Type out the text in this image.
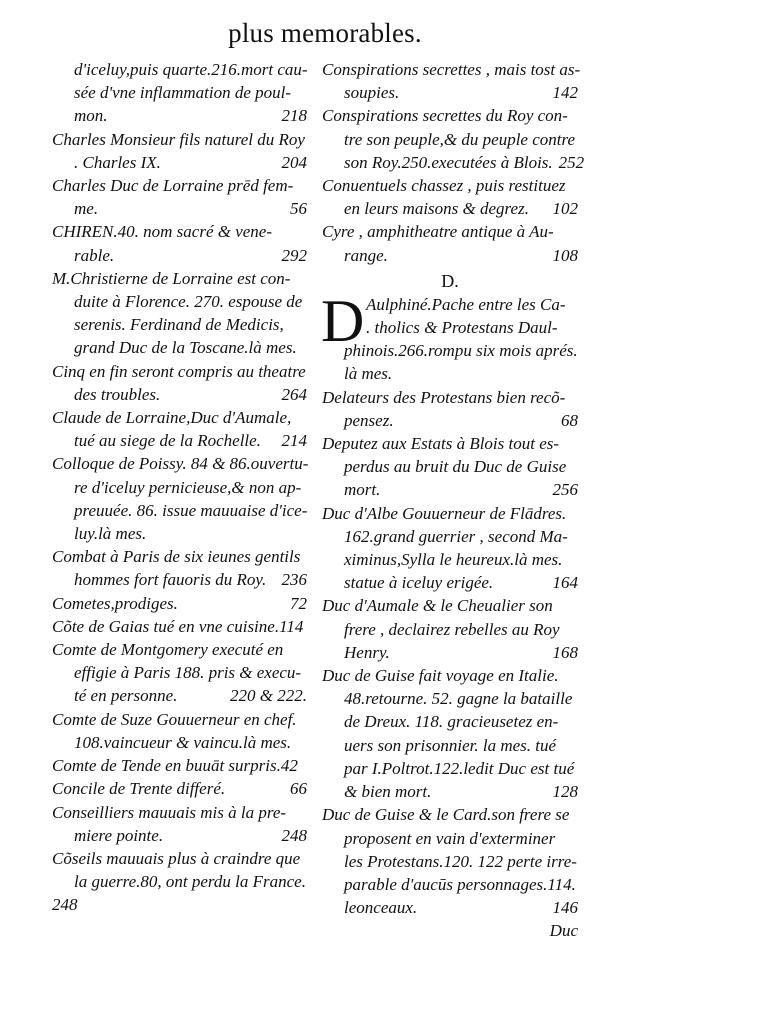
plus memorables.
d'iceluy,puis quarte.216.mort cau-
sée d'vne inflammation de poul-
mon.	218
Charles Monsieur fils naturel du Roy
. Charles IX.	204
Charles Duc de Lorraine prēd fem-
me.	56
CHIREN.40. nom sacré & vene-
rable.	292
M.Christierne de Lorraine est con-
duite à Florence. 270. espouse de
serenis. Ferdinand de Medicis,
grand Duc de la Toscane.là mes.
Cinq en fin seront compris au theatre
des troubles.	264
Claude de Lorraine,Duc d'Aumale,
tué au siege de la Rochelle.	214
Colloque de Poissy. 84 & 86.ouvertu-
re d'iceluy pernicieuse,& non ap-
preuuée. 86. issue mauuaise d'ice-
luy.là mes.
Combat à Paris de six ieunes gentils
hommes fort fauoris du Roy. 236
Cometes,prodiges.	72
Cõte de Gaias tué en vne cuisine.114
Comte de Montgomery executé en
effigie à Paris 188. pris & execu-
té en personne.	220 & 222.
Comte de Suze Gouuerneur en chef.
108.vaincueur & vaincu.là mes.
Comte de Tende en buuāt surpris.42
Concile de Trente differé.	66
Conseilliers mauuais mis à la pre-
miere pointe.	248
Cõseils mauuais plus à craindre que
la guerre.80, ont perdu la France.
248
Conspirations secrettes , mais tost as-
soupies.	142
Conspirations secrettes du Roy con-
tre son peuple,& du peuple contre
son Roy.250.executées à Blois. 252
Conuentuels chassez , puis restituez
en leurs maisons & degrez.	102
Cyre , amphitheatre antique à Au-
range.	108
D.
D Aulphiné.Pache entre les Ca-
. tholics & Protestans Daul-
phinois.266.rompu six mois aprés.
là mes.
Delateurs des Protestans bien recõ-
pensez.	68
Deputez aux Estats à Blois tout es-
perdus au bruit du Duc de Guise
mort.	256
Duc d'Albe Gouuerneur de Flādres.
162.grand guerrier , second Ma-
ximinus,Sylla le heureux.là mes.
statue à iceluy erigée.	164
Duc d'Aumale & le Cheualier son
frere , declairez rebelles au Roy
Henry.	168
Duc de Guise fait voyage en Italie.
48.retourne. 52. gagne la bataille
de Dreux. 118. gracieusetez en-
uers son prisonnier. la mes. tué
par I.Poltrot.122.ledit Duc est tué
& bien mort.	128
Duc de Guise & le Card.son frere se
proposent en vain d'exterminer
les Protestans.120. 122 perte irre-
parable d'aucūs personnages.114.
leonceaux.	146
Duc
